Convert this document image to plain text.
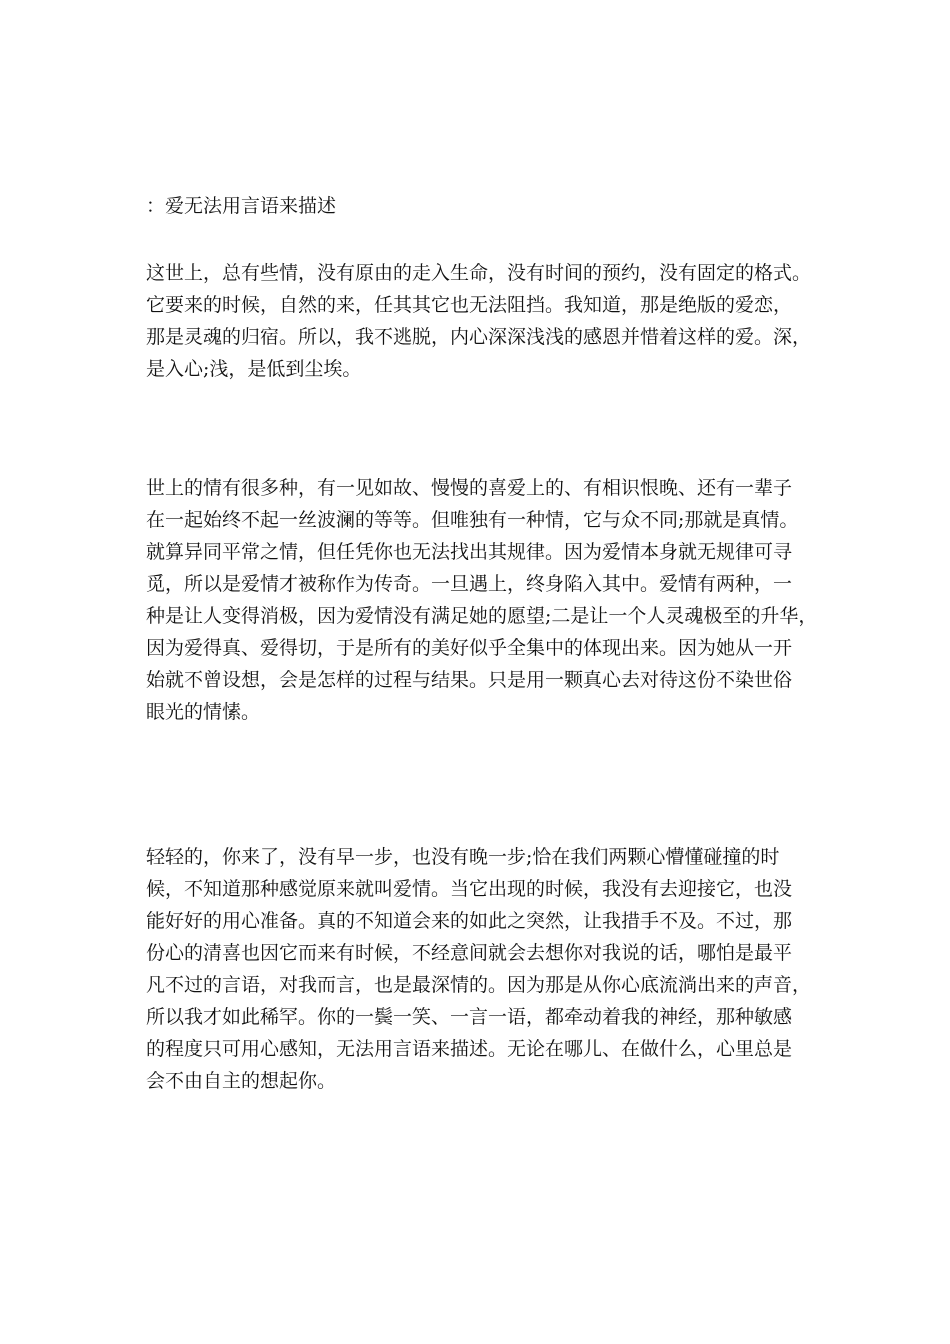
：爱无法用言语来描述
这世上，总有些情，没有原由的走入生命，没有时间的预约，没有固定的格式。
它要来的时候，自然的来，任其其它也无法阻挡。我知道，那是绝版的爱恋，
那是灵魂的归宿。所以，我不逃脱，内心深深浅浅的感恩并惜着这样的爱。深，
是入心;浅，是低到尘埃。
世上的情有很多种，有一见如故、慢慢的喜爱上的、有相识恨晚、还有一辈子
在一起始终不起一丝波澜的等等。但唯独有一种情，它与众不同;那就是真情。
就算异同平常之情，但任凭你也无法找出其规律。因为爱情本身就无规律可寻
觅，所以是爱情才被称作为传奇。一旦遇上，终身陷入其中。爱情有两种，一
种是让人变得消极，因为爱情没有满足她的愿望;二是让一个人灵魂极至的升华，
因为爱得真、爱得切，于是所有的美好似乎全集中的体现出来。因为她从一开
始就不曾设想，会是怎样的过程与结果。只是用一颗真心去对待这份不染世俗
眼光的情愫。
轻轻的，你来了，没有早一步，也没有晚一步;恰在我们两颗心懵懂碰撞的时
候，不知道那种感觉原来就叫爱情。当它出现的时候，我没有去迎接它，也没
能好好的用心准备。真的不知道会来的如此之突然，让我措手不及。不过，那
份心的清喜也因它而来有时候，不经意间就会去想你对我说的话，哪怕是最平
凡不过的言语，对我而言，也是最深情的。因为那是从你心底流淌出来的声音，
所以我才如此稀罕。你的一鬓一笑、一言一语，都牵动着我的神经，那种敏感
的程度只可用心感知，无法用言语来描述。无论在哪儿、在做什么，心里总是
会不由自主的想起你。
